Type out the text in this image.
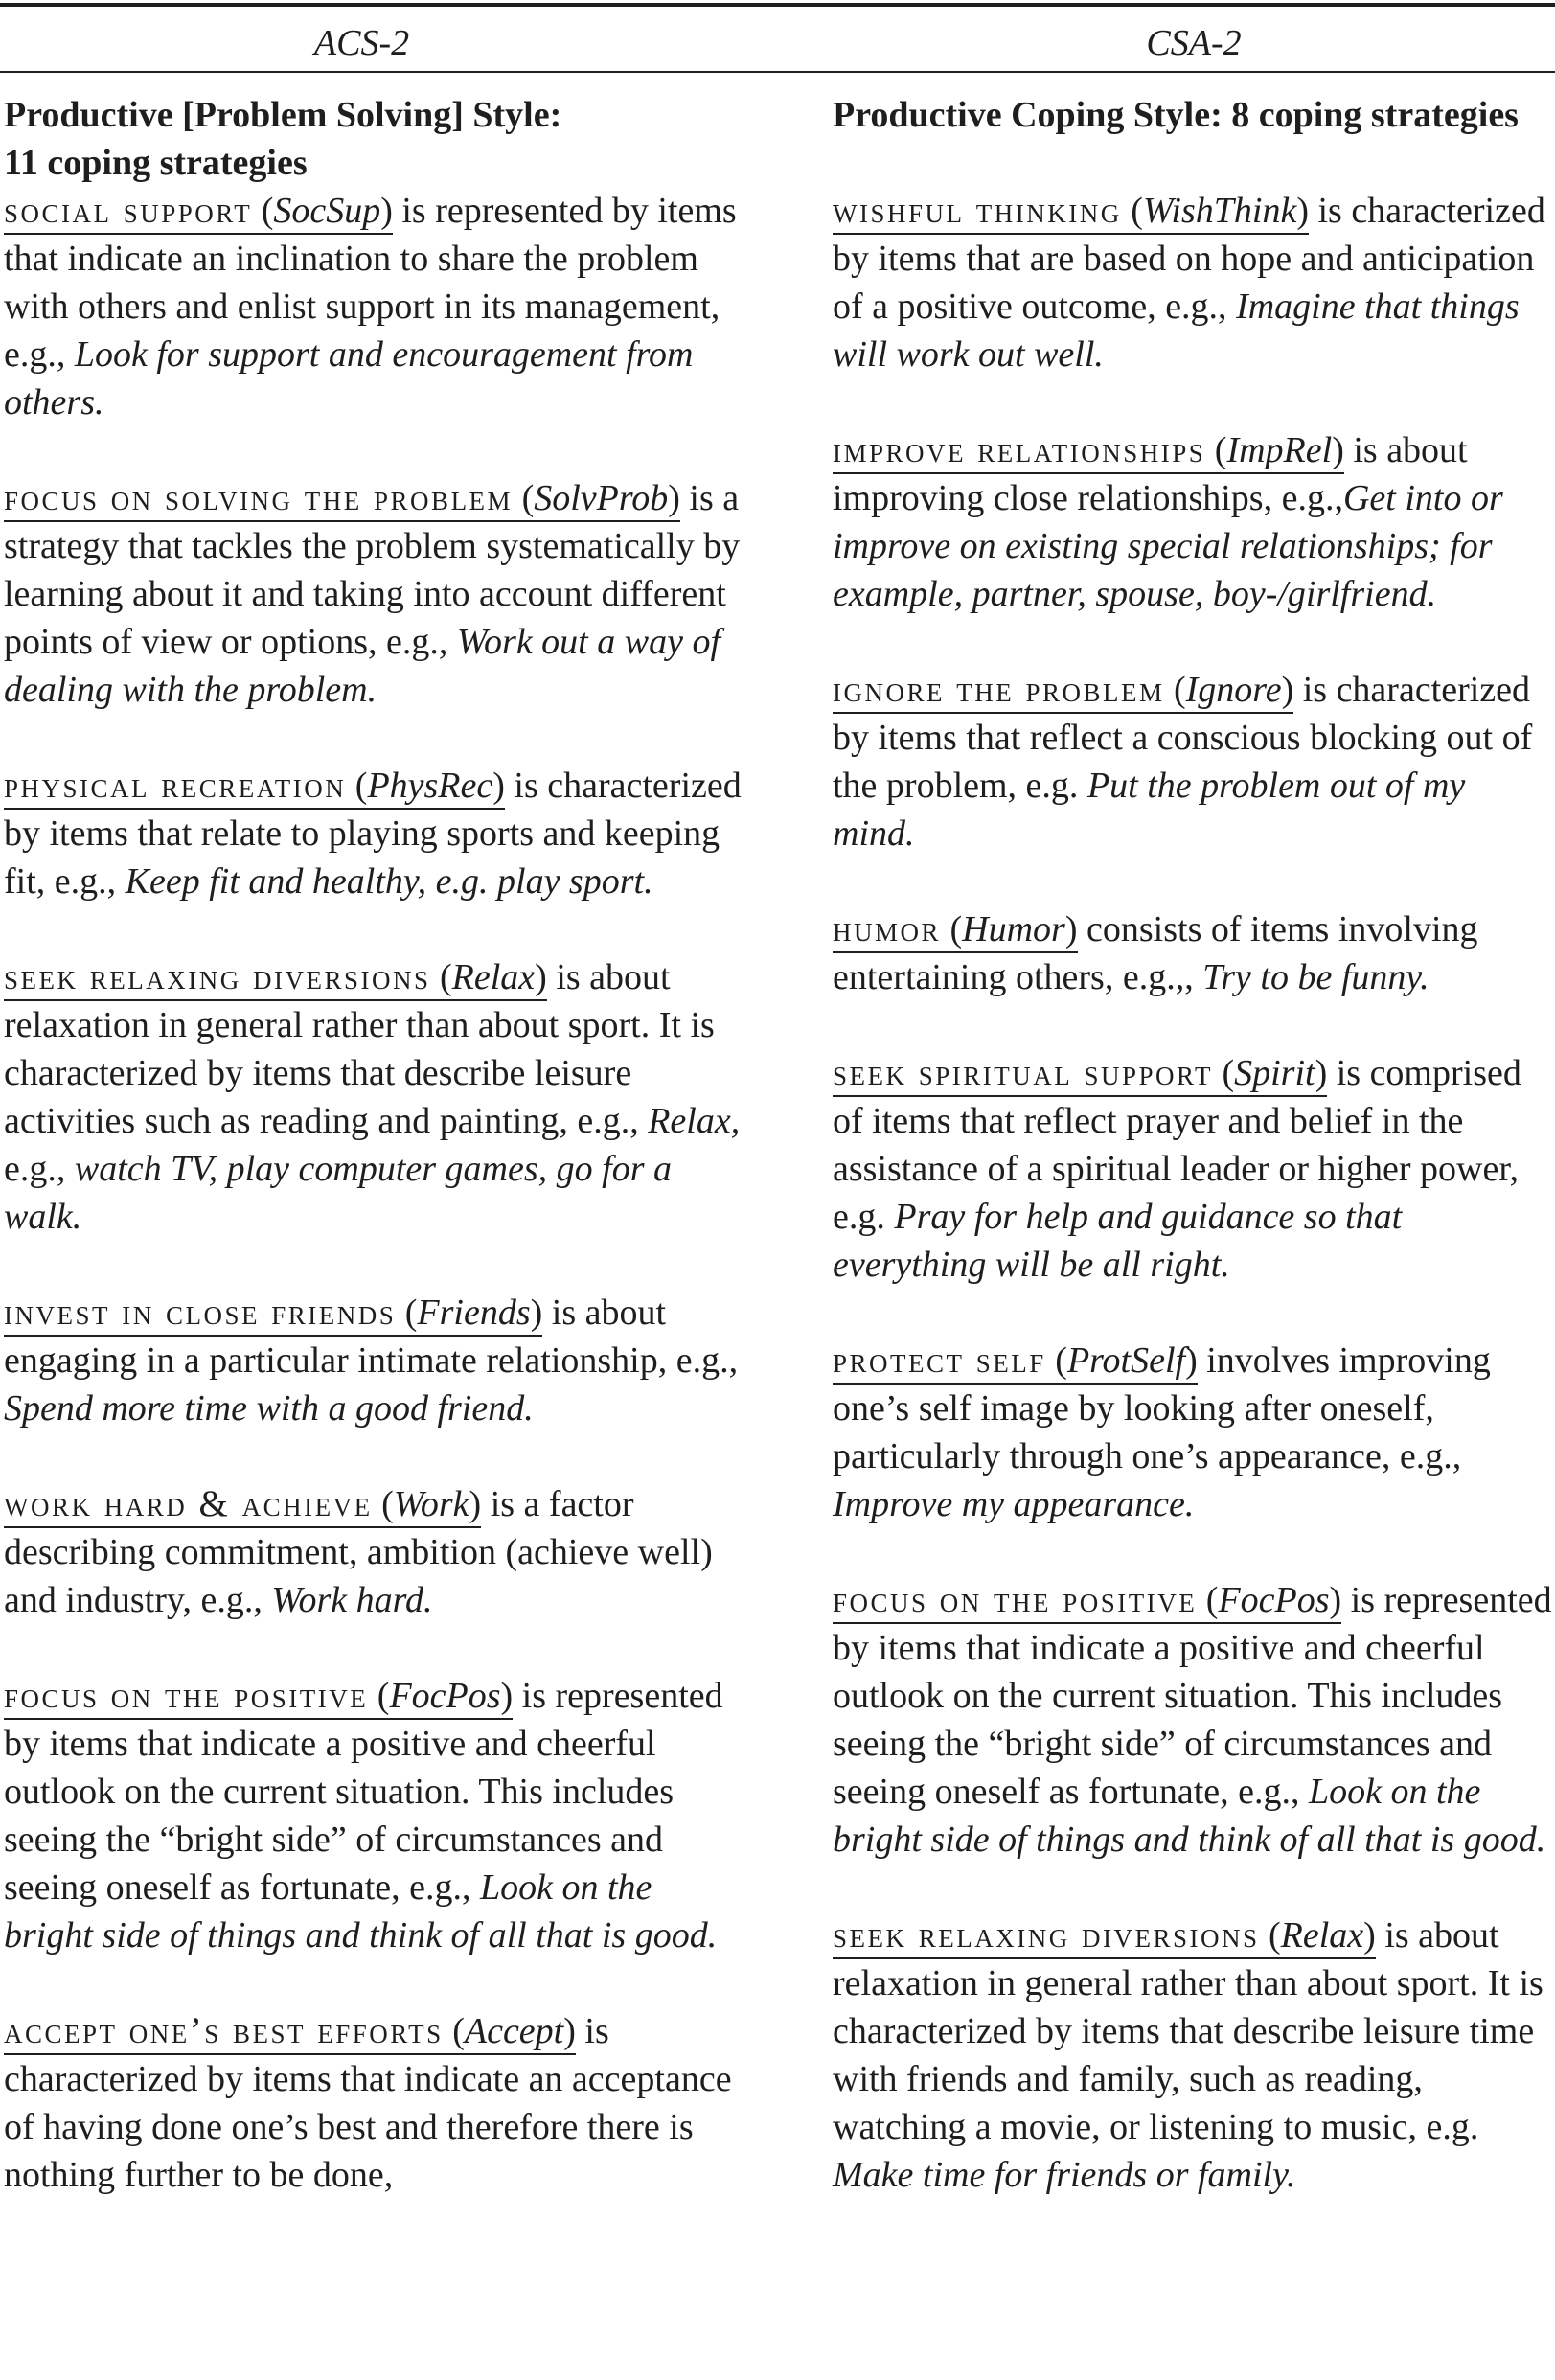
ACS-2	CSA-2

Productive [Problem Solving] Style:
11 coping strategies

social support (SocSup) is represented by items that indicate an inclination to share the problem with others and enlist support in its management, e.g., Look for support and encouragement from others.

focus on solving the problem (SolvProb) is a strategy that tackles the problem systematically by learning about it and taking into account different points of view or options, e.g., Work out a way of dealing with the problem.

physical recreation (PhysRec) is characterized by items that relate to playing sports and keeping fit, e.g., Keep fit and healthy, e.g. play sport.

seek relaxing diversions (Relax) is about relaxation in general rather than about sport. It is characterized by items that describe leisure activities such as reading and painting, e.g., Relax, e.g., watch TV, play computer games, go for a walk.

invest in close friends (Friends) is about engaging in a particular intimate relationship, e.g., Spend more time with a good friend.

work hard & achieve (Work) is a factor describing commitment, ambition (achieve well) and industry, e.g., Work hard.

focus on the positive (FocPos) is represented by items that indicate a positive and cheerful outlook on the current situation. This includes seeing the “bright side” of circumstances and seeing oneself as fortunate, e.g., Look on the bright side of things and think of all that is good.

accept one’s best efforts (Accept) is characterized by items that indicate an acceptance of having done one’s best and therefore there is nothing further to be done,

Productive Coping Style: 8 coping strategies

wishful thinking (WishThink) is characterized by items that are based on hope and anticipation of a positive outcome, e.g., Imagine that things will work out well.

improve relationships (ImpRel) is about improving close relationships, e.g.,Get into or improve on existing special relationships; for example, partner, spouse, boy-/girlfriend.

ignore the problem (Ignore) is characterized by items that reflect a conscious blocking out of the problem, e.g. Put the problem out of my mind.

humor (Humor) consists of items involving entertaining others, e.g.,, Try to be funny.

seek spiritual support (Spirit) is comprised of items that reflect prayer and belief in the assistance of a spiritual leader or higher power, e.g. Pray for help and guidance so that everything will be all right.

protect self (ProtSelf) involves improving one’s self image by looking after oneself, particularly through one’s appearance, e.g., Improve my appearance.

focus on the positive (FocPos) is represented by items that indicate a positive and cheerful outlook on the current situation. This includes seeing the “bright side” of circumstances and seeing oneself as fortunate, e.g., Look on the bright side of things and think of all that is good.

seek relaxing diversions (Relax) is about relaxation in general rather than about sport. It is characterized by items that describe leisure time with friends and family, such as reading, watching a movie, or listening to music, e.g. Make time for friends or family.
